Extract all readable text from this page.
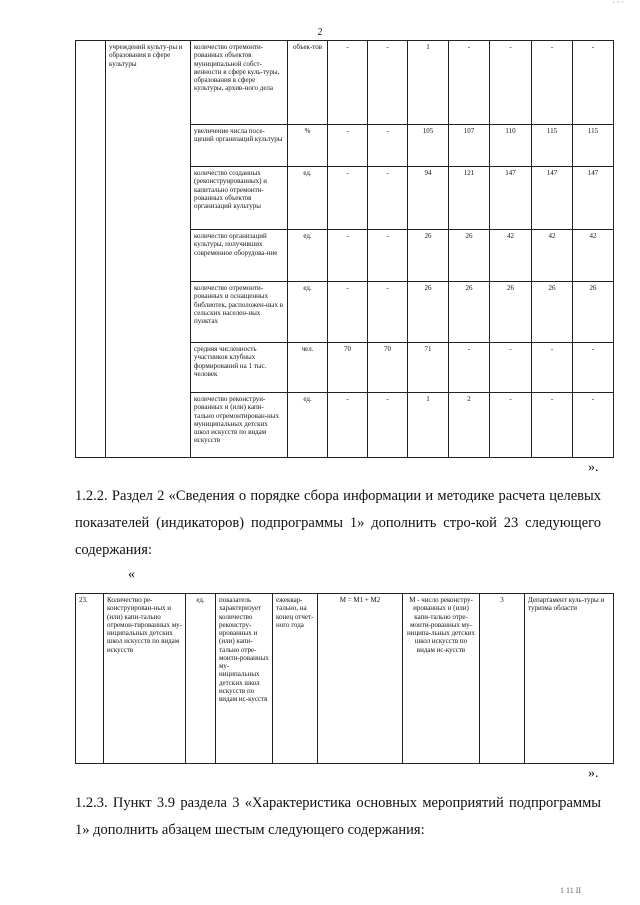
2
· · ·
	учреждений культу-ры и образования в сфере культуры	количество отремонти-рованных объектов муниципальной собст-венности в сфере куль-туры, образования в сфере культуры, архив-ного дела	объек-тов	-	-	1	-	-	-	-
		увеличение числа посе-щений организаций культуры	%	-	-	105	107	110	115	115
		количество созданных (реконструированных) и капитально отремонти-рованных объектов организаций культуры	ед.	-	-	94	121	147	147	147
		количество организаций культуры, получивших современное оборудова-ние	ед.	-	-	26	26	42	42	42
		количество отремонти-рованных и оснащенных библиотек, расположен-ных в сельских населен-ных пунктах	ед.	-	-	26	26	26	26	26
		средняя численность участников клубных формирований на 1 тыс. человек	чел.	70	70	71	-	-	-	-
		количество реконструи-рованных и (или) капи-тально отремонтирован-ных муниципальных детских школ искусств по видам искусств	ед.	-	-	1	2	-	-	-
».
1.2.2. Раздел 2 «Сведения о порядке сбора информации и методике расчета целевых показателей (индикаторов) подпрограммы 1» дополнить стро-кой 23 следующего содержания:
«
23.	Количество ре-конструирован-ных и (или) капи-тально отремон-тированных му-ниципальных детских школ искусств по видам искусств	ед.	показатель характеризует количество реконстру-ированных и (или) капи-тально отре-монти-рованных му-ниципальных детских школ искусств по видам ис-кусств	ежеквар-тально, на конец отчет-ного года	M = M1 + M2	M - число реконстру-ированных и (или) капи-тально отре-монти-рованных му-ниципа-льных детских школ искусств по видам ис-кусств	3	Департамент куль-туры и туризма области
».
1.2.3. Пункт 3.9 раздела 3 «Характеристика основных мероприятий подпрограммы 1» дополнить абзацем шестым следующего содержания:
1 11 II
